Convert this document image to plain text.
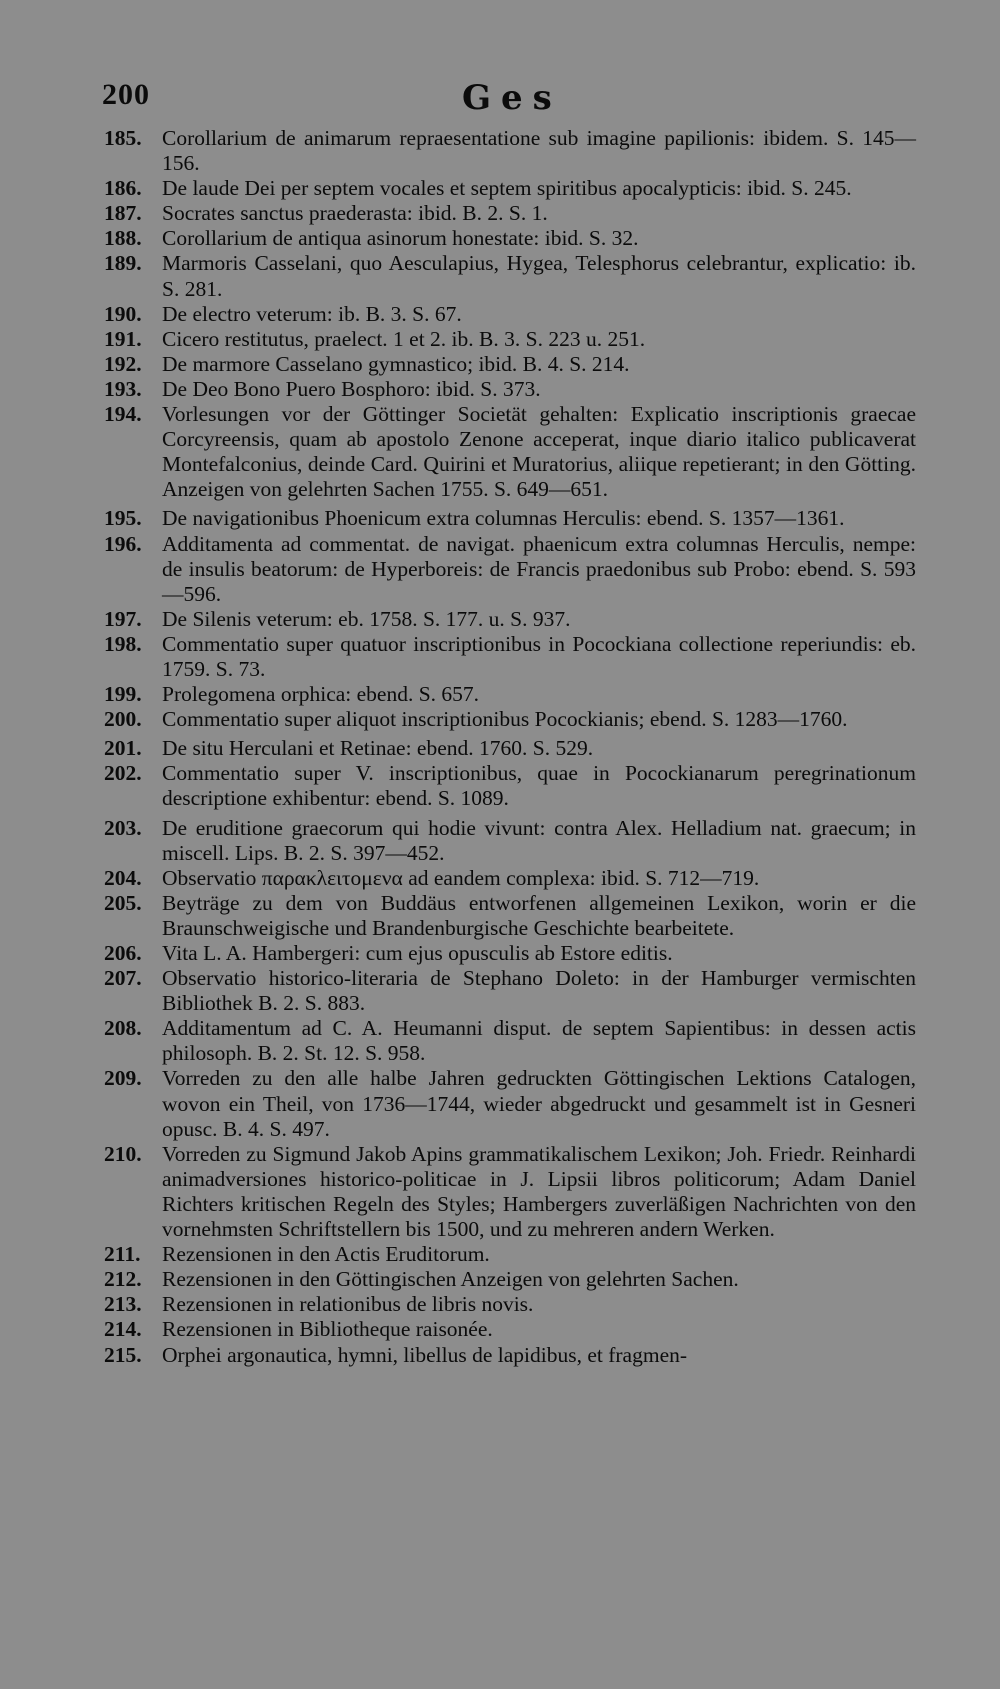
200	Ges
185. Corollarium de animarum repraesentatione sub imagine papilionis: ibidem. S. 145—156.
186. De laude Dei per septem vocales et septem spiritibus apocalypticis: ibid. S. 245.
187. Socrates sanctus praederasta: ibid. B. 2. S. 1.
188. Corollarium de antiqua asinorum honestate: ibid. S. 32.
189. Marmoris Casselani, quo Aesculapius, Hygea, Telesphorus celebrantur, explicatio: ib. S. 281.
190. De electro veterum: ib. B. 3. S. 67.
191. Cicero restitutus, praelect. 1 et 2. ib. B. 3. S. 223 u. 251.
192. De marmore Casselano gymnastico; ibid. B. 4. S. 214.
193. De Deo Bono Puero Bosphoro: ibid. S. 373.
194. Vorlesungen vor der Göttinger Societät gehalten: Explicatio inscriptionis graecae Corcyreensis, quam ab apostolo Zenone acceperat, inque diario italico publicaverat Montefalconius, deinde Card. Quirini et Muratorius, aliique repetierant; in den Götting. Anzeigen von gelehrten Sachen 1755. S. 649—651.
195. De navigationibus Phoenicum extra columnas Herculis: ebend. S. 1357—1361.
196. Additamenta ad commentat. de navigat. phaenicum extra columnas Herculis, nempe: de insulis beatorum: de Hyperboreis: de Francis praedonibus sub Probo: ebend. S. 593—596.
197. De Silenis veterum: eb. 1758. S. 177. u. S. 937.
198. Commentatio super quatuor inscriptionibus in Pocockiana collectione reperiundis: eb. 1759. S. 73.
199. Prolegomena orphica: ebend. S. 657.
200. Commentatio super aliquot inscriptionibus Pocockianis; ebend. S. 1283—1760.
201. De situ Herculani et Retinae: ebend. 1760. S. 529.
202. Commentatio super V. inscriptionibus, quae in Pocockianarum peregrinationum descriptione exhibentur: ebend. S. 1089.
203. De eruditione graecorum qui hodie vivunt: contra Alex. Helladium nat. graecum; in miscell. Lips. B. 2. S. 397—452.
204. Observatio παρακλειτομενα ad eandem complexa: ibid. S. 712—719.
205. Beyträge zu dem von Buddäus entworfenen allgemeinen Lexikon, worin er die Braunschweigische und Brandenburgische Geschichte bearbeitete.
206. Vita L. A. Hambergeri: cum ejus opusculis ab Estore editis.
207. Observatio historico-literaria de Stephano Doleto: in der Hamburger vermischten Bibliothek B. 2. S. 883.
208. Additamentum ad C. A. Heumanni disput. de septem Sapientibus: in dessen actis philosoph. B. 2. St. 12. S. 958.
209. Vorreden zu den alle halbe Jahren gedruckten Göttingischen Lektions Catalogen, wovon ein Theil, von 1736—1744, wieder abgedruckt und gesammelt ist in Gesneri opusc. B. 4. S. 497.
210. Vorreden zu Sigmund Jakob Apins grammatikalischem Lexikon; Joh. Friedr. Reinhardi animadversiones historico-politicae in J. Lipsii libros politicorum; Adam Daniel Richters kritischen Regeln des Styles; Hambergers zuverläßigen Nachrichten von den vornehmsten Schriftstellern bis 1500, und zu mehreren andern Werken.
211. Rezensionen in den Actis Eruditorum.
212. Rezensionen in den Göttingischen Anzeigen von gelehrten Sachen.
213. Rezensionen in relationibus de libris novis.
214. Rezensionen in Bibliotheque raisonée.
215. Orphei argonautica, hymni, libellus de lapidibus, et fragmen-
